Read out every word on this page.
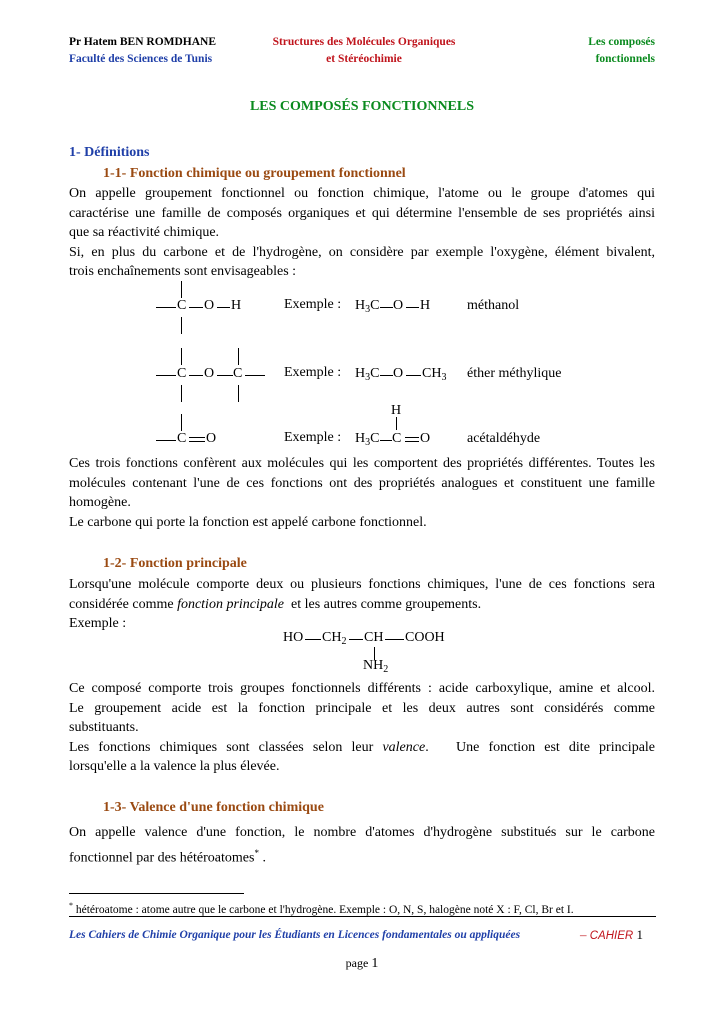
Pr Hatem BEN ROMDHANE
Faculté des Sciences de Tunis
Structures des Molécules Organiques
et Stéréochimie
Les composés
fonctionnels
LES COMPOSÉS FONCTIONNELS
1- Définitions
1-1- Fonction chimique ou groupement fonctionnel
On appelle groupement fonctionnel ou fonction chimique, l'atome ou le groupe d'atomes qui
caractérise une famille de composés organiques et qui détermine l'ensemble de ses propriétés ainsi
que sa réactivité chimique.
Si, en plus du carbone et de l'hydrogène, on considère par exemple l'oxygène, élément bivalent,
trois enchaînements sont envisageables :
C O H	Exemple : $H_3C$ O H	méthanol
C O C	Exemple : $H_3C$ O $CH_3$ éther méthylique
C O	Exemple :
H
$H_3C$ C O	acétaldéhyde
Ces trois fonctions confèrent aux molécules qui les comportent des propriétés différentes. Toutes les
molécules contenant l'une de ces fonctions ont des propriétés analogues et constituent une famille
homogène.
Le carbone qui porte la fonction est appelé carbone fonctionnel.
1-2- Fonction principale
Lorsqu'une molécule comporte deux ou plusieurs fonctions chimiques, l'une de ces fonctions sera
considérée comme fonction principale  et les autres comme groupements.
Exemple :
HO $CH_2$ CH COOH
$NH_2$
Ce composé comporte trois groupes fonctionnels différents : acide carboxylique, amine et alcool.
Le groupement acide est la fonction principale et les deux autres sont considérés comme
substituants.
Les fonctions chimiques sont classées selon leur valence.   Une fonction est dite principale
lorsqu'elle a la valence la plus élevée.
1-3- Valence d'une fonction chimique
On appelle valence d'une fonction, le nombre d'atomes d'hydrogène substitués sur le carbone
fonctionnel par des hétéroatomes* .
* hétéroatome : atome autre que le carbone et l'hydrogène. Exemple : O, N, S, halogène noté X : F, Cl, Br et I.
Les Cahiers de Chimie Organique pour les Étudiants en Licences fondamentales ou appliquées	– CAHIER 1
page 1
